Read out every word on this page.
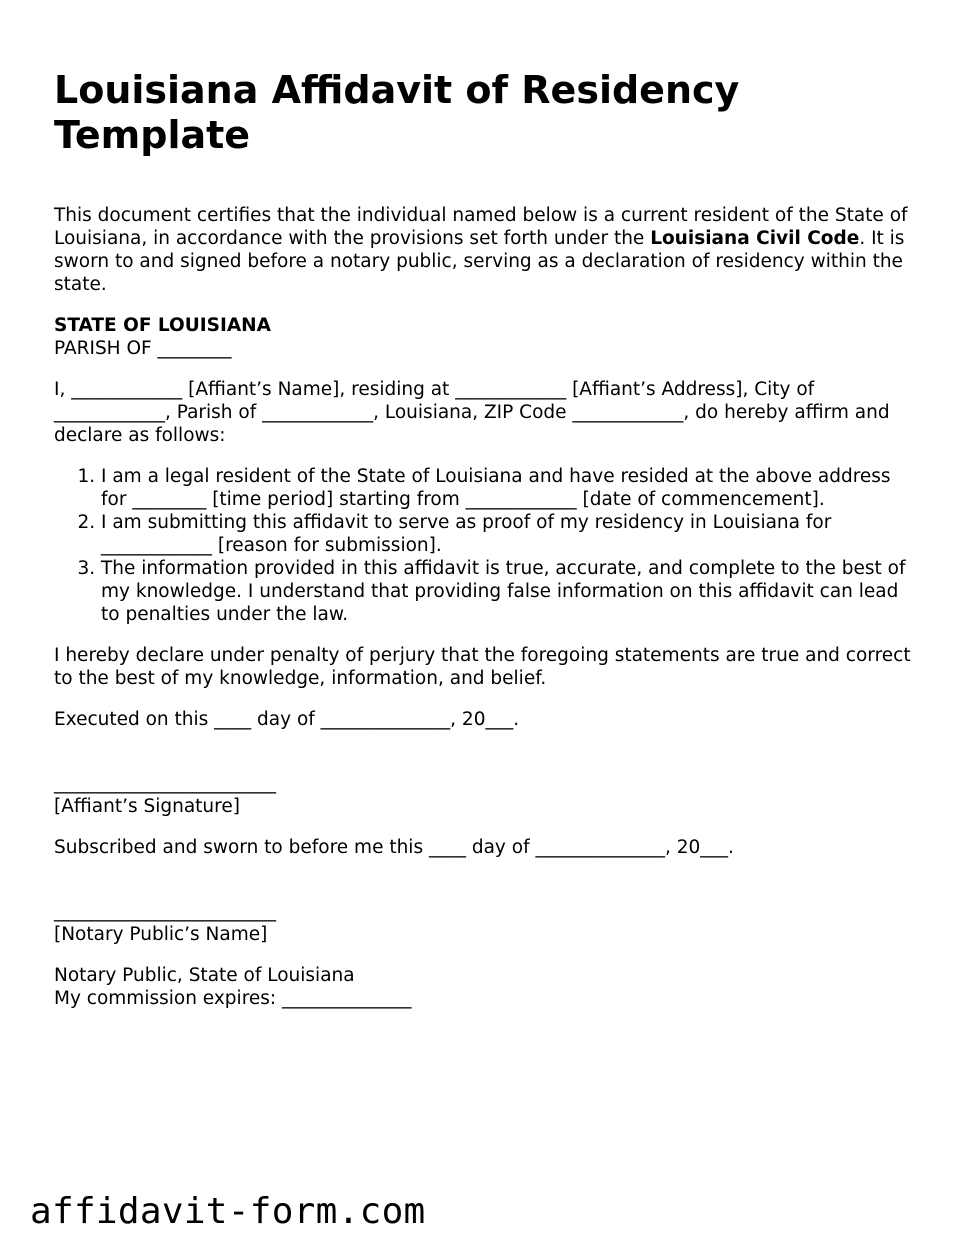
Louisiana Affidavit of Residency Template

This document certifies that the individual named below is a current resident of the State of Louisiana, in accordance with the provisions set forth under the Louisiana Civil Code. It is sworn to and signed before a notary public, serving as a declaration of residency within the state.

STATE OF LOUISIANA
PARISH OF ________

I, ____________ [Affiant’s Name], residing at ____________ [Affiant’s Address], City of ____________, Parish of ____________, Louisiana, ZIP Code ____________, do hereby affirm and declare as follows:

1. I am a legal resident of the State of Louisiana and have resided at the above address for ________ [time period] starting from ____________ [date of commencement].
2. I am submitting this affidavit to serve as proof of my residency in Louisiana for ____________ [reason for submission].
3. The information provided in this affidavit is true, accurate, and complete to the best of my knowledge. I understand that providing false information on this affidavit can lead to penalties under the law.

I hereby declare under penalty of perjury that the foregoing statements are true and correct to the best of my knowledge, information, and belief.

Executed on this ____ day of ______________, 20___.

________________________
[Affiant’s Signature]

Subscribed and sworn to before me this ____ day of ______________, 20___.

________________________
[Notary Public’s Name]

Notary Public, State of Louisiana
My commission expires: ______________

affidavit-form.com
